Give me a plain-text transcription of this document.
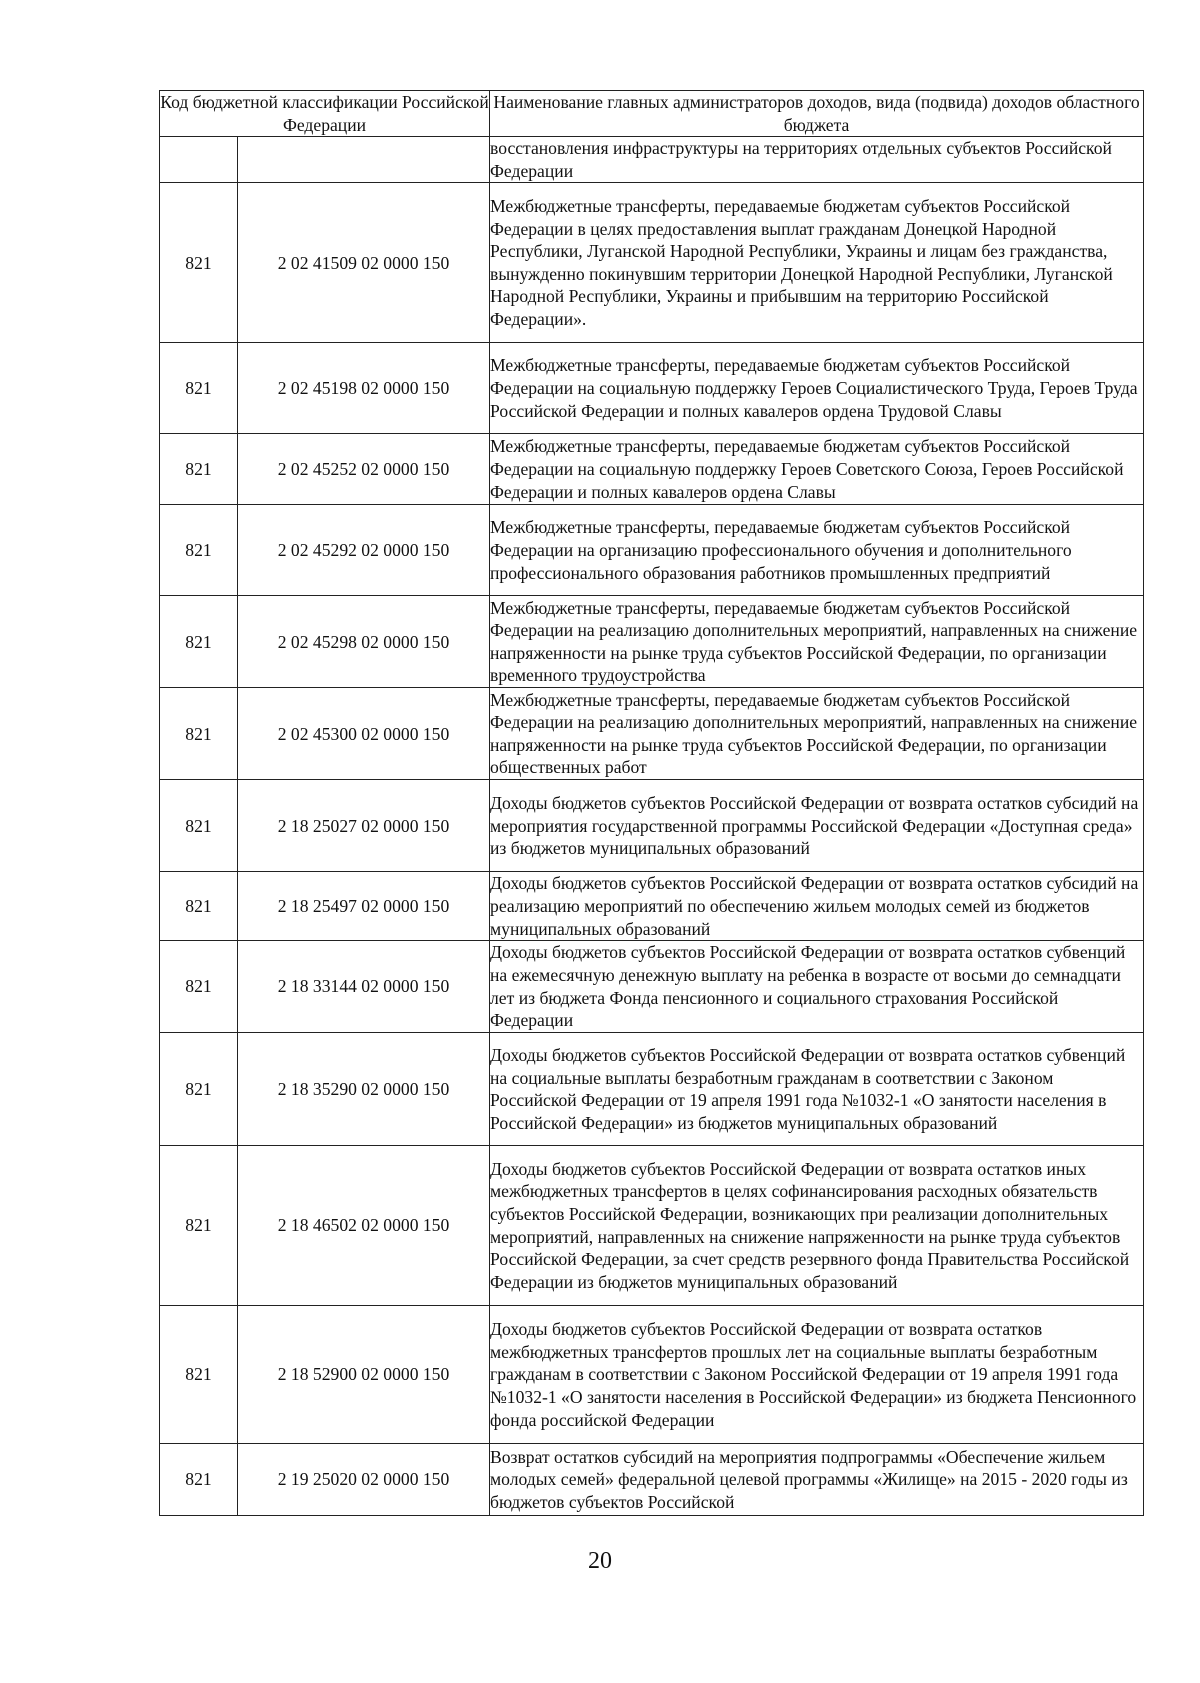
Код бюджетной классификации Российской Федерации		Наименование главных администраторов доходов, вида (подвида) доходов областного бюджета
		восстановления инфраструктуры на территориях отдельных субъектов Российской Федерации
821	2 02 41509 02 0000 150	Межбюджетные трансферты, передаваемые бюджетам субъектов Российской Федерации в целях предоставления выплат гражданам Донецкой Народной Республики, Луганской Народной Республики, Украины и лицам без гражданства, вынужденно покинувшим территории Донецкой Народной Республики, Луганской Народной Республики, Украины и прибывшим на территорию Российской Федерации».
821	2 02 45198 02 0000 150	Межбюджетные трансферты, передаваемые бюджетам субъектов Российской Федерации на социальную поддержку Героев Социалистического Труда, Героев Труда Российской Федерации и полных кавалеров ордена Трудовой Славы
821	2 02 45252 02 0000 150	Межбюджетные трансферты, передаваемые бюджетам субъектов Российской Федерации на социальную поддержку Героев Советского Союза, Героев Российской Федерации и полных кавалеров ордена Славы
821	2 02 45292 02 0000 150	Межбюджетные трансферты, передаваемые бюджетам субъектов Российской Федерации на организацию профессионального обучения и дополнительного профессионального образования работников промышленных предприятий
821	2 02 45298 02 0000 150	Межбюджетные трансферты, передаваемые бюджетам субъектов Российской Федерации на реализацию дополнительных мероприятий, направленных на снижение напряженности на рынке труда субъектов Российской Федерации, по организации временного трудоустройства
821	2 02 45300 02 0000 150	Межбюджетные трансферты, передаваемые бюджетам субъектов Российской Федерации на реализацию дополнительных мероприятий, направленных на снижение напряженности на рынке труда субъектов Российской Федерации, по организации общественных работ
821	2 18 25027 02 0000 150	Доходы бюджетов субъектов Российской Федерации от возврата остатков субсидий на мероприятия государственной программы Российской Федерации «Доступная среда» из бюджетов муниципальных образований
821	2 18 25497 02 0000 150	Доходы бюджетов субъектов Российской Федерации от возврата остатков субсидий на реализацию мероприятий по обеспечению жильем молодых семей из бюджетов муниципальных образований
821	2 18 33144 02 0000 150	Доходы бюджетов субъектов Российской Федерации от возврата остатков субвенций на ежемесячную денежную выплату на ребенка в возрасте от восьми до семнадцати лет из бюджета Фонда пенсионного и социального страхования Российской Федерации
821	2 18 35290 02 0000 150	Доходы бюджетов субъектов Российской Федерации от возврата остатков субвенций на социальные выплаты безработным гражданам в соответствии с Законом Российской Федерации от 19 апреля 1991 года №1032-1 «О занятости населения в Российской Федерации» из бюджетов муниципальных образований
821	2 18 46502 02 0000 150	Доходы бюджетов субъектов Российской Федерации от возврата остатков иных межбюджетных трансфертов в целях софинансирования расходных обязательств субъектов Российской Федерации, возникающих при реализации дополнительных мероприятий, направленных на снижение напряженности на рынке труда субъектов Российской Федерации, за счет средств резервного фонда Правительства Российской Федерации из бюджетов муниципальных образований
821	2 18 52900 02 0000 150	Доходы бюджетов субъектов Российской Федерации от возврата остатков межбюджетных трансфертов прошлых лет на социальные выплаты безработным гражданам в соответствии с Законом Российской Федерации от 19 апреля 1991 года №1032-1 «О занятости населения в Российской Федерации» из бюджета Пенсионного фонда российской Федерации
821	2 19 25020 02 0000 150	Возврат остатков субсидий на мероприятия подпрограммы «Обеспечение жильем молодых семей» федеральной целевой программы «Жилище» на 2015 - 2020 годы из бюджетов субъектов Российской
20
